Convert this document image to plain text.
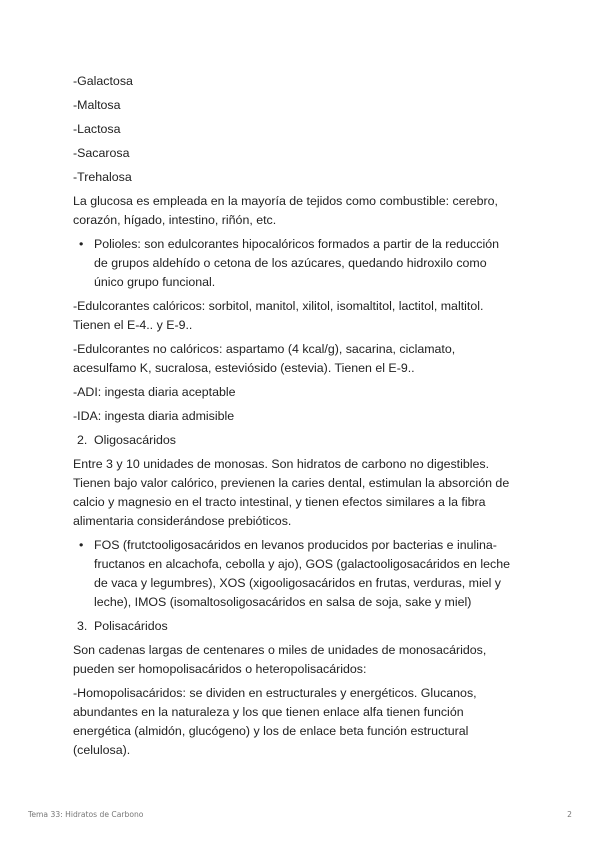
-Galactosa
-Maltosa
-Lactosa
-Sacarosa
-Trehalosa
La glucosa es empleada en la mayoría de tejidos como combustible: cerebro,
corazón, hígado, intestino, riñón, etc.
• Polioles: son edulcorantes hipocalóricos formados a partir de la reducción
de grupos aldehído o cetona de los azúcares, quedando hidroxilo como
único grupo funcional.
-Edulcorantes calóricos: sorbitol, manitol, xilitol, isomaltitol, lactitol, maltitol.
Tienen el E-4.. y E-9..
-Edulcorantes no calóricos: aspartamo (4 kcal/g), sacarina, ciclamato,
acesulfamo K, sucralosa, esteviósido (estevia). Tienen el E-9..
-ADI: ingesta diaria aceptable
-IDA: ingesta diaria admisible
2. Oligosacáridos
Entre 3 y 10 unidades de monosas. Son hidratos de carbono no digestibles.
Tienen bajo valor calórico, previenen la caries dental, estimulan la absorción de
calcio y magnesio en el tracto intestinal, y tienen efectos similares a la fibra
alimentaria considerándose prebióticos.
• FOS (frutctooligosacáridos en levanos producidos por bacterias e inulina-
fructanos en alcachofa, cebolla y ajo), GOS (galactooligosacáridos en leche
de vaca y legumbres), XOS (xigooligosacáridos en frutas, verduras, miel y
leche), IMOS (isomaltosoligosacáridos en salsa de soja, sake y miel)
3. Polisacáridos
Son cadenas largas de centenares o miles de unidades de monosacáridos,
pueden ser homopolisacáridos o heteropolisacáridos:
-Homopolisacáridos: se dividen en estructurales y energéticos. Glucanos,
abundantes en la naturaleza y los que tienen enlace alfa tienen función
energética (almidón, glucógeno) y los de enlace beta función estructural
(celulosa).
Tema 33: Hidratos de Carbono	2
